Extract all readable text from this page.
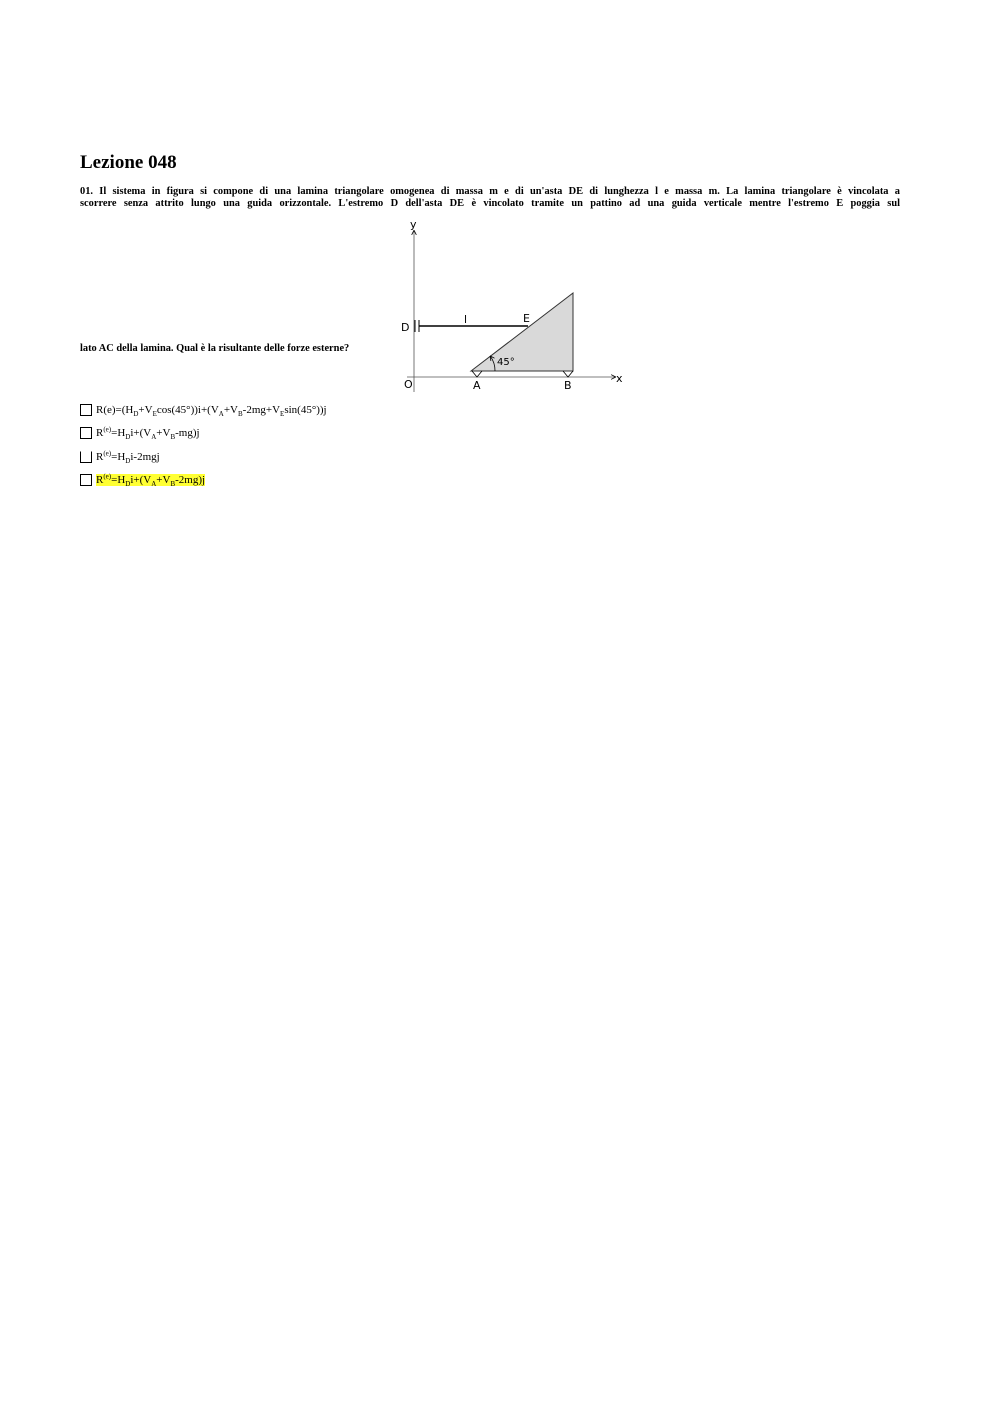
Lezione 048
01. Il sistema in figura si compone di una lamina triangolare omogenea di massa m e di un'asta DE di lunghezza l e massa m. La lamina triangolare è vincolata a
scorrere senza attrito lungo una guida orizzontale. L'estremo D dell'asta DE è vincolato tramite un pattino ad una guida verticale mentre l'estremo E poggia sul
lato AC della lamina. Qual è la risultante delle forze esterne?
y
x
O	A	B
D
E
l
45°
$R(e)=(H_D+V_E\cos(45^\circ))i+(V_A+V_B-2mg+V_E\sin(45^\circ))j$
$R^{(e)}=H_Di+(V_A+V_B-mg)j$
$R^{(e)}=H_Di-2mgj$
$R^{(e)}=H_Di+(V_A+V_B-2mg)j$
